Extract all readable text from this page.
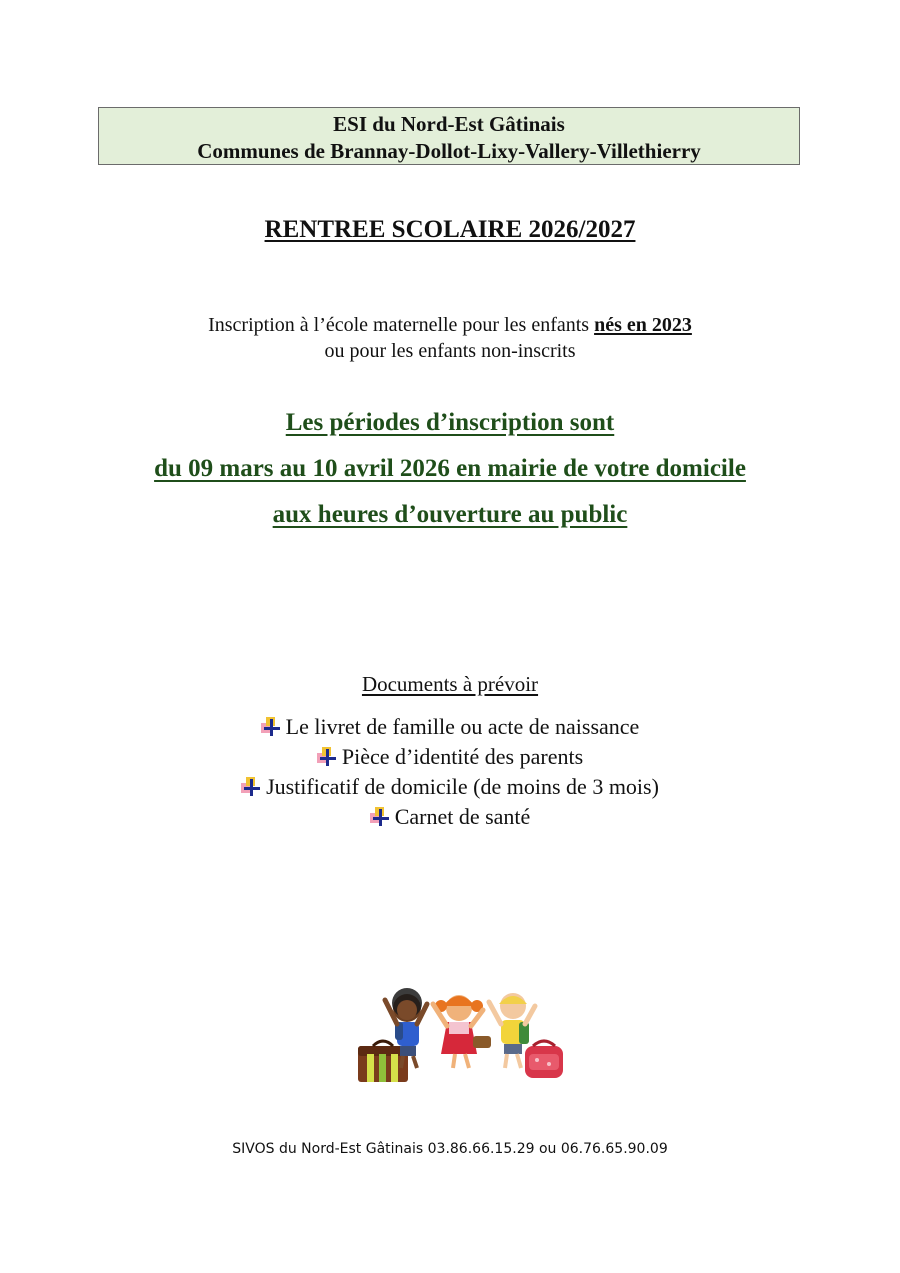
ESI du Nord-Est Gâtinais
Communes de Brannay-Dollot-Lixy-Vallery-Villethierry
RENTREE SCOLAIRE 2026/2027
Inscription à l’école maternelle pour les enfants nés en 2023
ou pour les enfants non-inscrits
Les périodes d’inscription sont
du 09 mars au 10 avril 2026 en mairie de votre domicile
aux heures d’ouverture au public
Documents à prévoir
Le livret de famille ou acte de naissance
Pièce d’identité des parents
Justificatif de domicile (de moins de 3 mois)
Carnet de santé
SIVOS du Nord-Est Gâtinais 03.86.66.15.29 ou 06.76.65.90.09
